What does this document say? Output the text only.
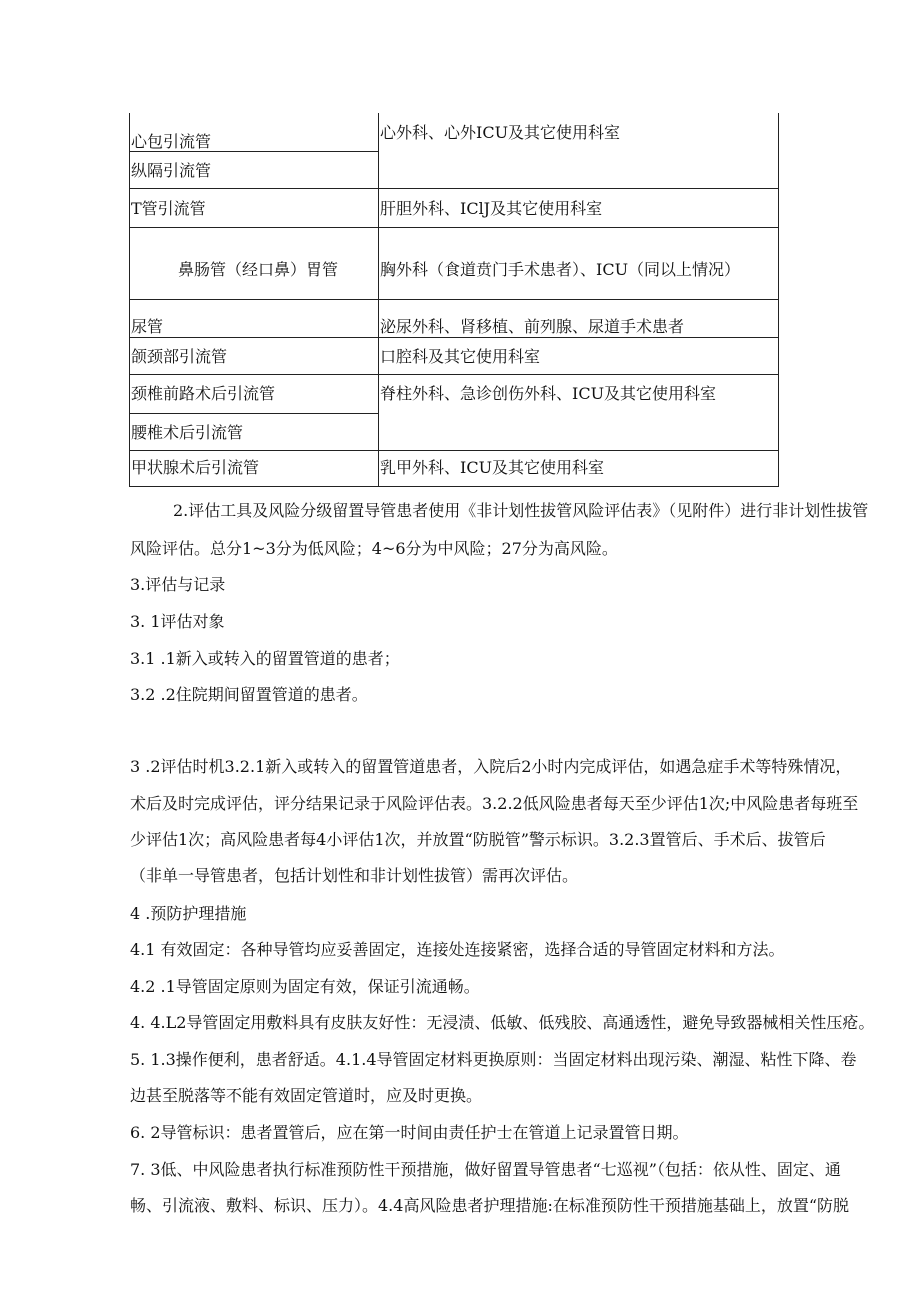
心包引流管
纵隔引流管
T管引流管
鼻肠管（经口鼻）胃管
尿管
颌颈部引流管
颈椎前路术后引流管
腰椎术后引流管
甲状腺术后引流管
心外科、心外ICU及其它使用科室
肝胆外科、IClJ及其它使用科室
胸外科（食道贲门手术患者）、ICU（同以上情况）
泌尿外科、肾移植、前列腺、尿道手术患者
口腔科及其它使用科室
脊柱外科、急诊创伤外科、ICU及其它使用科室
乳甲外科、ICU及其它使用科室
2.评估工具及风险分级留置导管患者使用《非计划性拔管风险评估表》（见附件）进行非计划性拔管
风险评估。总分1~3分为低风险；4~6分为中风险；27分为高风险。
3.评估与记录
3. 1评估对象
3.1 .1新入或转入的留置管道的患者；
3.2 .2住院期间留置管道的患者。
3 .2评估时机3.2.1新入或转入的留置管道患者，入院后2小时内完成评估，如遇急症手术等特殊情况，
术后及时完成评估，评分结果记录于风险评估表。3.2.2低风险患者每天至少评估1次;中风险患者每班至
少评估1次；高风险患者每4小评估1次，并放置“防脱管”警示标识。3.2.3置管后、手术后、拔管后
（非单一导管患者，包括计划性和非计划性拔管）需再次评估。
4 .预防护理措施
4.1 有效固定：各种导管均应妥善固定，连接处连接紧密，选择合适的导管固定材料和方法。
4.2 .1导管固定原则为固定有效，保证引流通畅。
4. 4.L2导管固定用敷料具有皮肤友好性：无浸渍、低敏、低残胶、高通透性，避免导致器械相关性压疮。
5. 1.3操作便利，患者舒适。4.1.4导管固定材料更换原则：当固定材料出现污染、潮湿、粘性下降、卷
边甚至脱落等不能有效固定管道时，应及时更换。
6. 2导管标识：患者置管后，应在第一时间由责任护士在管道上记录置管日期。
7. 3低、中风险患者执行标准预防性干预措施，做好留置导管患者“七巡视”（包括：依从性、固定、通
畅、引流液、敷料、标识、压力）。4.4高风险患者护理措施:在标准预防性干预措施基础上，放置“防脱
